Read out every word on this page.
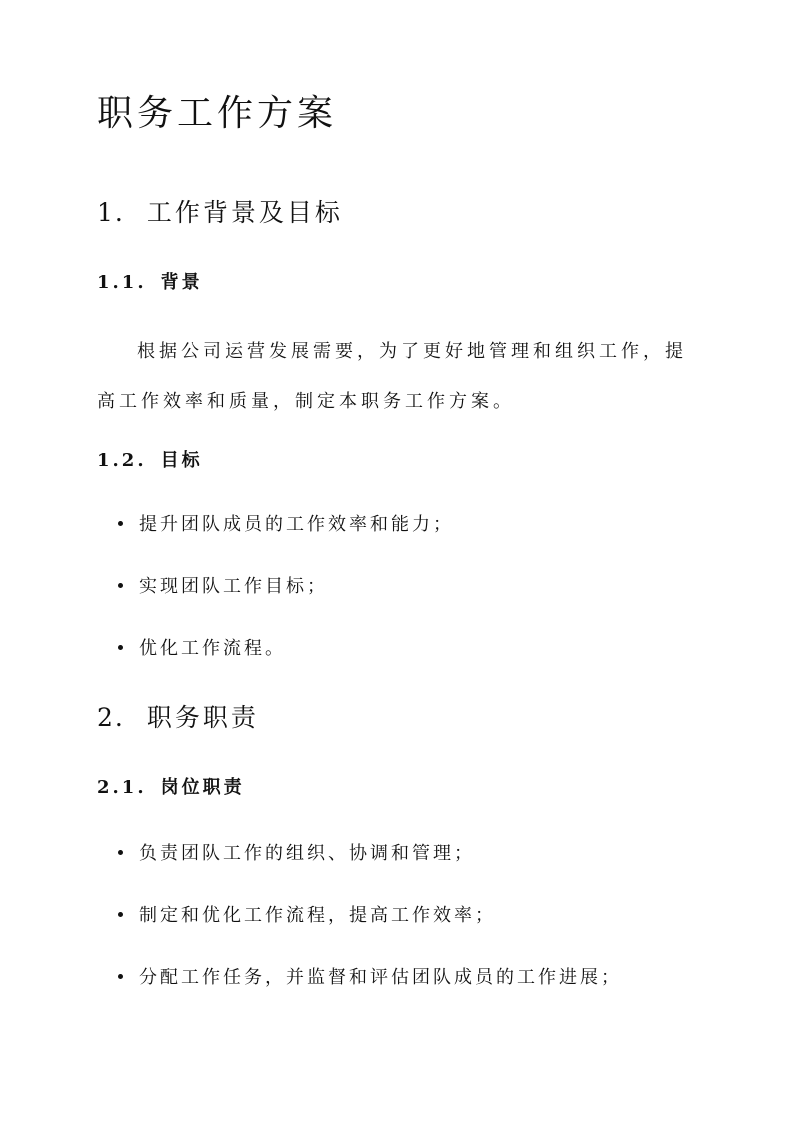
职务工作方案
1. 工作背景及目标
1.1. 背景

根据公司运营发展需要，为了更好地管理和组织工作，提高工作效率和质量，制定本职务工作方案。

1.2. 目标
提升团队成员的工作效率和能力；
实现团队工作目标；
优化工作流程。
2. 职务职责
2.1. 岗位职责
负责团队工作的组织、协调和管理；
制定和优化工作流程，提高工作效率；
分配工作任务，并监督和评估团队成员的工作进展；
